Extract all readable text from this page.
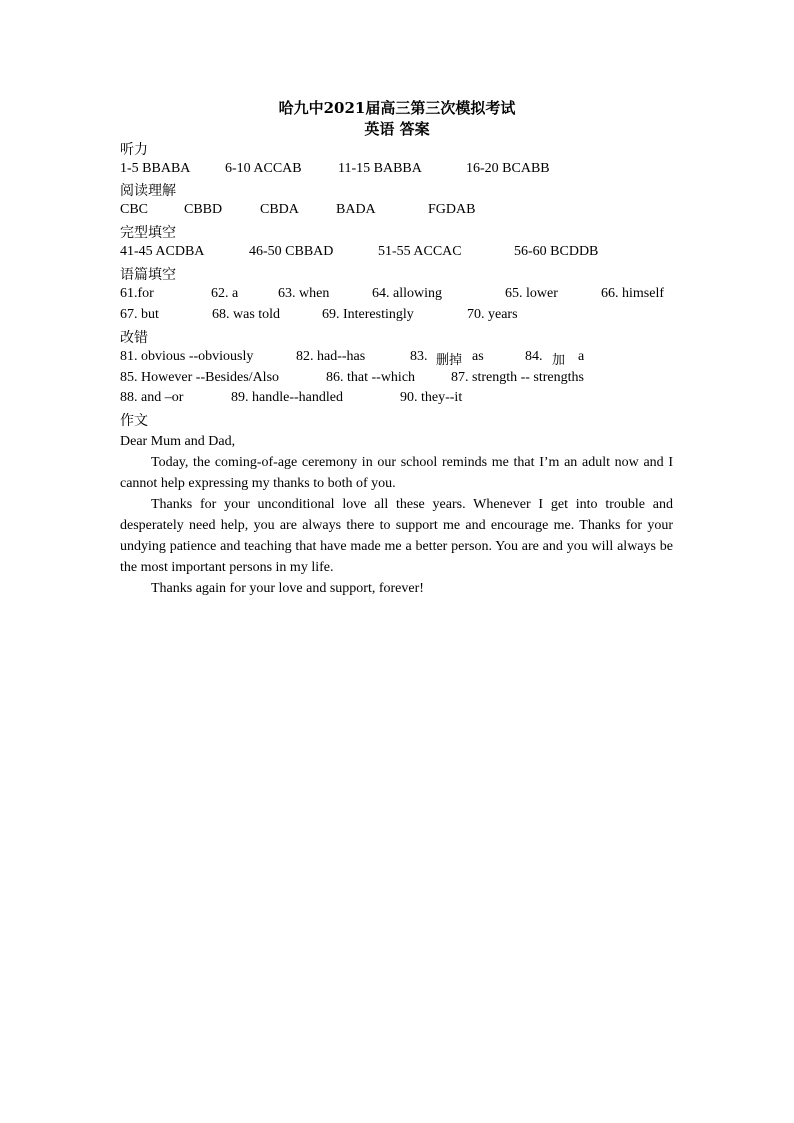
哈九中2021届高三第三次模拟考试
英语 答案
听力
1-5 BBABA 6-10 ACCAB	11-15 BABBA	16-20 BCABB
阅读理解
CBC	CBBD	CBDA	BADA	FGDAB
完型填空
41-45 ACDBA	46-50 CBBAD	51-55 ACCAC	56-60 BCDDB
语篇填空
61.for	62. a	63. when	64. allowing	65. lower	66. himself
67. but	68. was told	69. Interestingly	70. years
改错
81. obvious --obviously	82. had--has	83. 删掉 as	84. 加 a
85. However --Besides/Also	86. that --which	87. strength -- strengths
88. and –or	89. handle--handled	90. they--it
作文

Dear Mum and Dad,

Today, the coming-of-age ceremony in our school reminds me that I’m an adult now and I cannot help expressing my thanks to both of you.

Thanks for your unconditional love all these years. Whenever I get into trouble and desperately need help, you are always there to support me and encourage me. Thanks for your undying patience and teaching that have made me a better person. You are and you will always be the most important persons in my life.

Thanks again for your love and support, forever!
